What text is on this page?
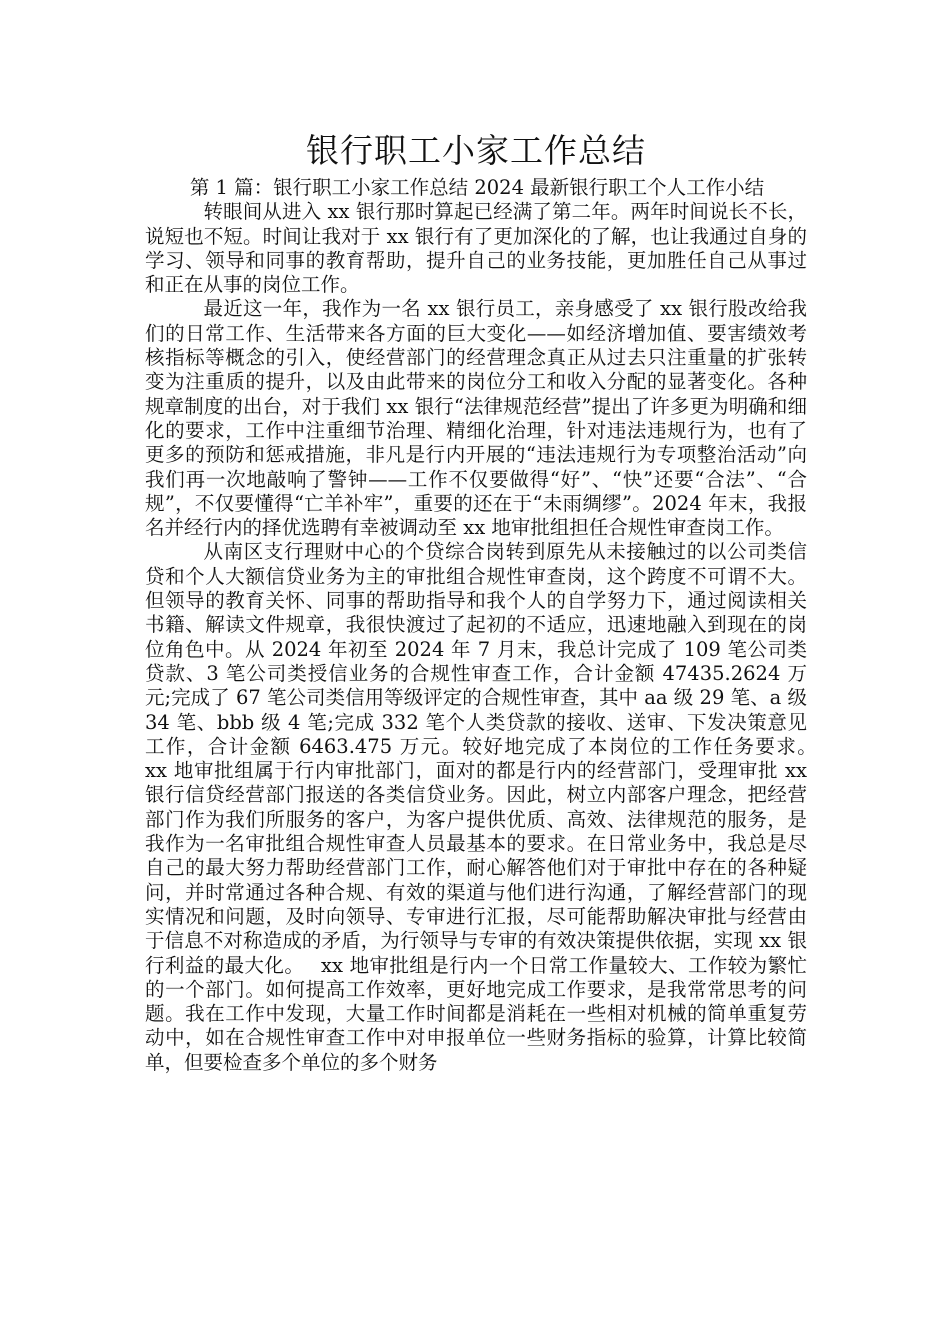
银行职工小家工作总结

第 1 篇：银行职工小家工作总结 2024 最新银行职工个人工作小结

转眼间从进入 xx 银行那时算起已经满了第二年。两年时间说长不长，说短也不短。时间让我对于 xx 银行有了更加深化的了解，也让我通过自身的学习、领导和同事的教育帮助，提升自己的业务技能，更加胜任自己从事过和正在从事的岗位工作。

最近这一年，我作为一名 xx 银行员工，亲身感受了 xx 银行股改给我们的日常工作、生活带来各方面的巨大变化——如经济增加值、要害绩效考核指标等概念的引入，使经营部门的经营理念真正从过去只注重量的扩张转变为注重质的提升，以及由此带来的岗位分工和收入分配的显著变化。各种规章制度的出台，对于我们 xx 银行“法律规范经营”提出了许多更为明确和细化的要求，工作中注重细节治理、精细化治理，针对违法违规行为，也有了更多的预防和惩戒措施，非凡是行内开展的“违法违规行为专项整治活动”向我们再一次地敲响了警钟——工作不仅要做得“好”、“快”还要“合法”、“合规”，不仅要懂得“亡羊补牢”，重要的还在于“未雨绸缪”。2024 年末，我报名并经行内的择优选聘有幸被调动至 xx 地审批组担任合规性审查岗工作。

从南区支行理财中心的个贷综合岗转到原先从未接触过的以公司类信贷和个人大额信贷业务为主的审批组合规性审查岗，这个跨度不可谓不大。但领导的教育关怀、同事的帮助指导和我个人的自学努力下，通过阅读相关书籍、解读文件规章，我很快渡过了起初的不适应，迅速地融入到现在的岗位角色中。从 2024 年初至 2024 年 7 月末，我总计完成了 109 笔公司类贷款、3 笔公司类授信业务的合规性审查工作，合计金额 47435.2624 万元;完成了 67 笔公司类信用等级评定的合规性审查，其中 aa 级 29 笔、a 级 34 笔、bbb 级 4 笔;完成 332 笔个人类贷款的接收、送审、下发决策意见工作，合计金额 6463.475 万元。较好地完成了本岗位的工作任务要求。　 xx 地审批组属于行内审批部门，面对的都是行内的经营部门，受理审批 xx 银行信贷经营部门报送的各类信贷业务。因此，树立内部客户理念，把经营部门作为我们所服务的客户，为客户提供优质、高效、法律规范的服务，是我作为一名审批组合规性审查人员最基本的要求。在日常业务中，我总是尽自己的最大努力帮助经营部门工作，耐心解答他们对于审批中存在的各种疑问，并时常通过各种合规、有效的渠道与他们进行沟通，了解经营部门的现实情况和问题，及时向领导、专审进行汇报，尽可能帮助解决审批与经营由于信息不对称造成的矛盾，为行领导与专审的有效决策提供依据，实现 xx 银行利益的最大化。　 xx 地审批组是行内一个日常工作量较大、工作较为繁忙的一个部门。如何提高工作效率，更好地完成工作要求，是我常常思考的问题。我在工作中发现，大量工作时间都是消耗在一些相对机械的简单重复劳动中，如在合规性审查工作中对申报单位一些财务指标的验算，计算比较简单，但要检查多个单位的多个财务
